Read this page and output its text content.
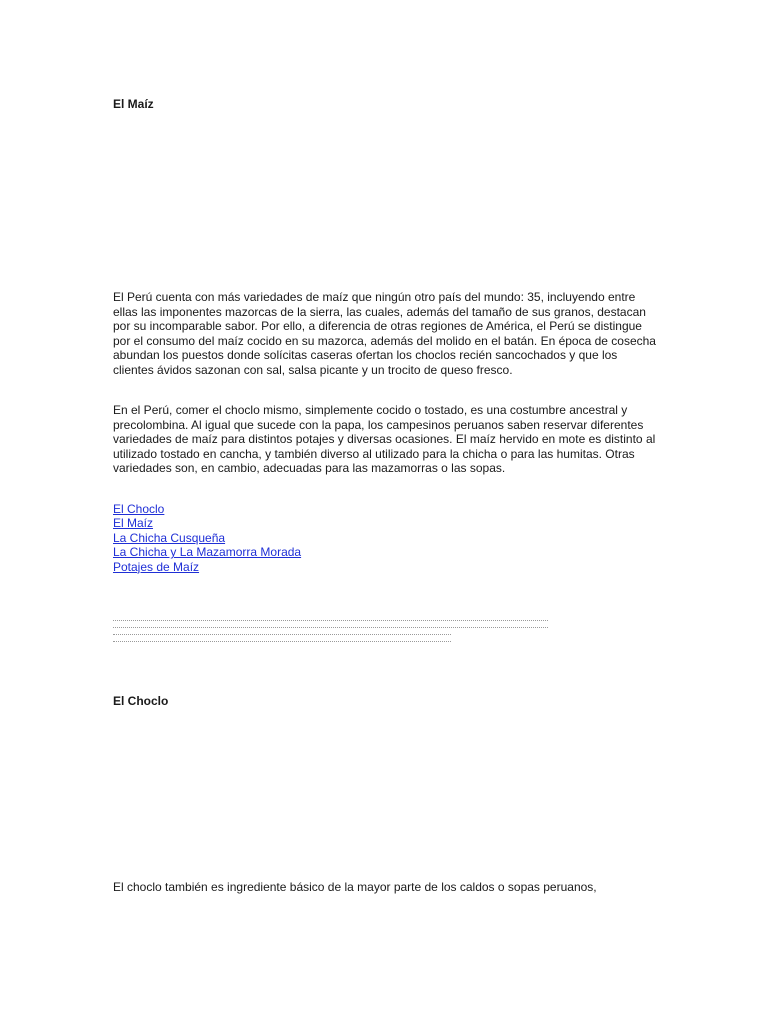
El Maíz

El Perú cuenta con más variedades de maíz que ningún otro país del mundo: 35, incluyendo entre ellas las imponentes mazorcas de la sierra, las cuales, además del tamaño de sus granos, destacan por su incomparable sabor. Por ello, a diferencia de otras regiones de América, el Perú se distingue por el consumo del maíz cocido en su mazorca, además del molido en el batán. En época de cosecha abundan los puestos donde solícitas caseras ofertan los choclos recién sancochados y que los clientes ávidos sazonan con sal, salsa picante y un trocito de queso fresco.

En el Perú, comer el choclo mismo, simplemente cocido o tostado, es una costumbre ancestral y precolombina. Al igual que sucede con la papa, los campesinos peruanos saben reservar diferentes variedades de maíz para distintos potajes y diversas ocasiones. El maíz hervido en mote es distinto al utilizado tostado en cancha, y también diverso al utilizado para la chicha o para las humitas. Otras variedades son, en cambio, adecuadas para las mazamorras o las sopas.

El Choclo
El Maíz
La Chicha Cusqueña
La Chicha y La Mazamorra Morada
Potajes de Maíz
El Choclo

El choclo también es ingrediente básico de la mayor parte de los caldos o sopas peruanos,
